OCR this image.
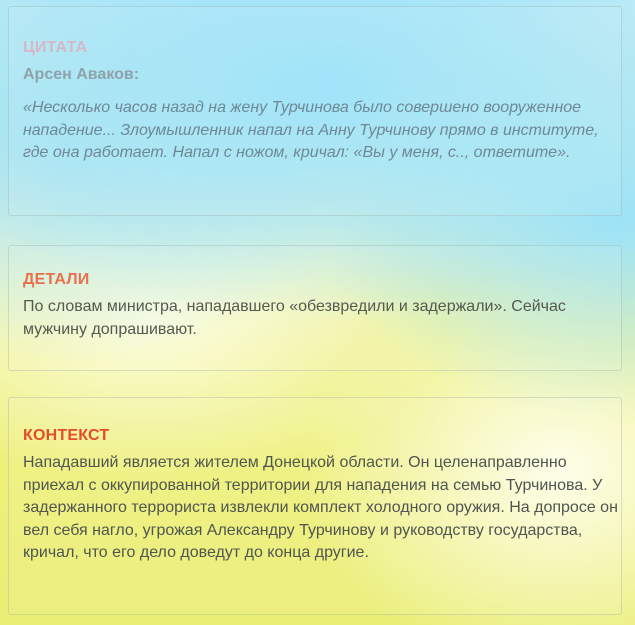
ЦИТАТА
Арсен Аваков:
«Несколько часов назад на жену Турчинова было совершено вооруженное нападение... Злоумышленник напал на Анну Турчинову прямо в институте, где она работает. Напал с ножом, кричал: «Вы у меня, с.., ответите».
ДЕТАЛИ
По словам министра, нападавшего «обезвредили и задержали». Сейчас мужчину допрашивают.
КОНТЕКСТ
Нападавший является жителем Донецкой области. Он целенаправленно приехал с оккупированной территории для нападения на семью Турчинова. У задержанного террориста извлекли комплект холодного оружия. На допросе он вел себя нагло, угрожая Александру Турчинову и руководству государства, кричал, что его дело доведут до конца другие.
